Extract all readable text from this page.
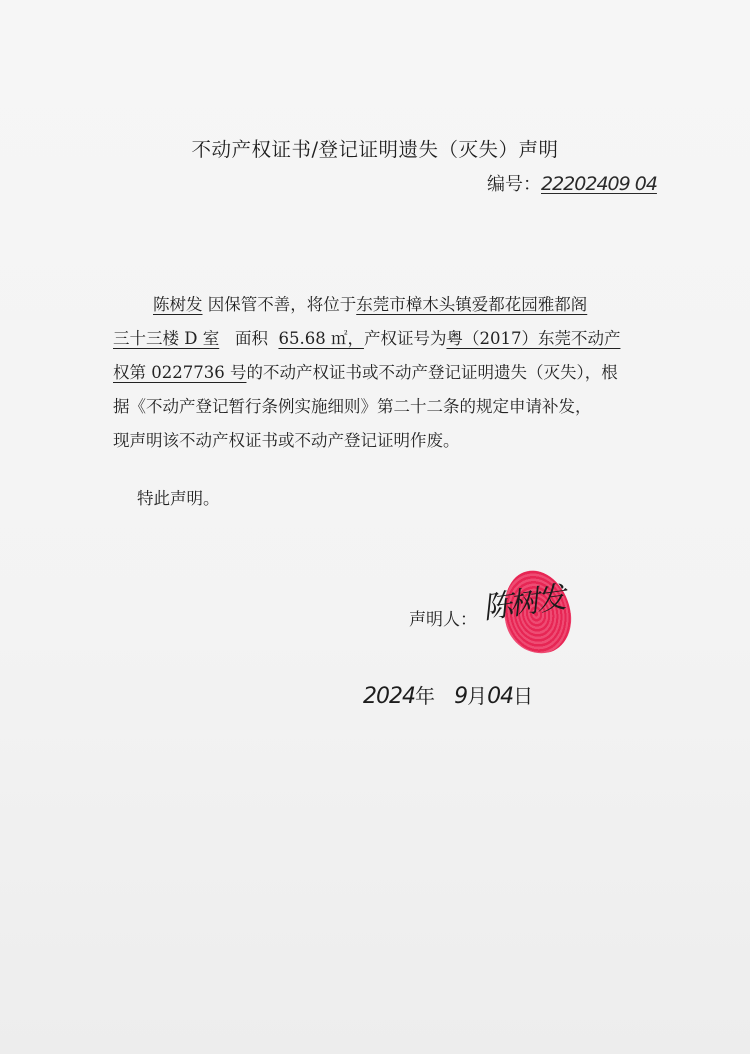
不动产权证书/登记证明遗失（灭失）声明
编号：22202409 04
陈树发 因保管不善，将位于东莞市樟木头镇爱都花园雅都阁
三十三楼 D 室 面积 65.68 ㎡，产权证号为粤（2017）东莞不动产
权第 0227736 号的不动产权证书或不动产登记证明遗失（灭失），根
据《不动产登记暂行条例实施细则》第二十二条的规定申请补发，
现声明该不动产权证书或不动产登记证明作废。
特此声明。
声明人： 陈树发
2024年 9月04日
